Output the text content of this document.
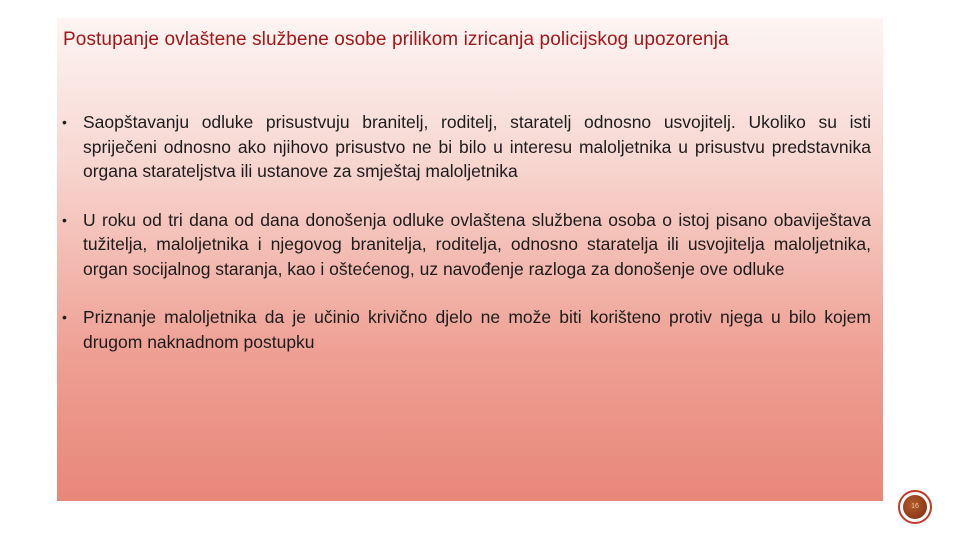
Postupanje ovlaštene službene osobe prilikom izricanja policijskog upozorenja
• Saopštavanju odluke prisustvuju branitelj, roditelj, staratelj odnosno usvojitelj. Ukoliko su isti spriječeni odnosno ako njihovo prisustvo ne bi bilo u interesu maloljetnika u prisustvu predstavnika organa starateljstva ili ustanove za smještaj maloljetnika
• U roku od tri dana od dana donošenja odluke ovlaštena službena osoba o istoj pisano obaviještava tužitelja, maloljetnika i njegovog branitelja, roditelja, odnosno staratelja ili usvojitelja maloljetnika, organ socijalnog staranja, kao i oštećenog, uz navođenje razloga za donošenje ove odluke
• Priznanje maloljetnika da je učinio krivično djelo ne može biti korišteno protiv njega u bilo kojem drugom naknadnom postupku
16
